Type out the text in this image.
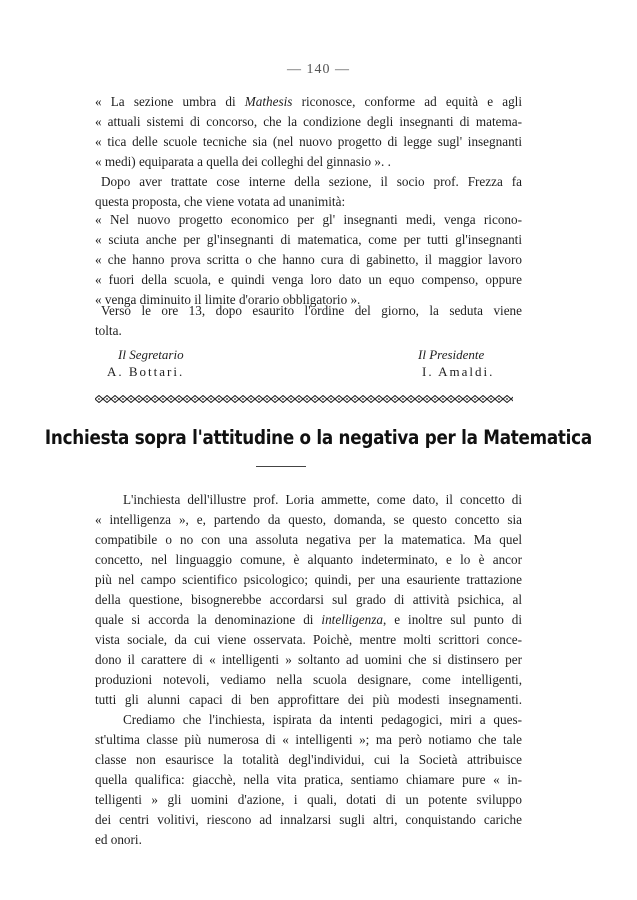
— 140 —
« La sezione umbra di Mathesis riconosce, conforme ad equità e agli
« attuali sistemi di concorso, che la condizione degli insegnanti di matema-
« tica delle scuole tecniche sia (nel nuovo progetto di legge sugl' insegnanti
« medi) equiparata a quella dei colleghi del ginnasio ». .
Dopo aver trattate cose interne della sezione, il socio prof. Frezza fa
questa proposta, che viene votata ad unanimità:
« Nel nuovo progetto economico per gl' insegnanti medi, venga ricono-
« sciuta anche per gl'insegnanti di matematica, come per tutti gl'insegnanti
« che hanno prova scritta o che hanno cura di gabinetto, il maggior lavoro
« fuori della scuola, e quindi venga loro dato un equo compenso, oppure
« venga diminuito il limite d'orario obbligatorio ».
Verso le ore 13, dopo esaurito l'ordine del giorno, la seduta viene
tolta.
Il Segretario
A. Bottari.
Il Presidente
I. Amaldi.
Inchiesta sopra l'attitudine o la negativa per la Matematica
L'inchiesta dell'illustre prof. Loria ammette, come dato, il concetto di
« intelligenza », e, partendo da questo, domanda, se questo concetto sia
compatibile o no con una assoluta negativa per la matematica. Ma quel
concetto, nel linguaggio comune, è alquanto indeterminato, e lo è ancor
più nel campo scientifico psicologico; quindi, per una esauriente trattazione
della questione, bisognerebbe accordarsi sul grado di attività psichica, al
quale si accorda la denominazione di intelligenza, e inoltre sul punto di
vista sociale, da cui viene osservata. Poichè, mentre molti scrittori conce-
dono il carattere di « intelligenti » soltanto ad uomini che si distinsero per
produzioni notevoli, vediamo nella scuola designare, come intelligenti,
tutti gli alunni capaci di ben approfittare dei più modesti insegnamenti.
Crediamo che l'inchiesta, ispirata da intenti pedagogici, miri a ques-
st'ultima classe più numerosa di « intelligenti »; ma però notiamo che tale
classe non esaurisce la totalità degl'individui, cui la Società attribuisce
quella qualifica: giacchè, nella vita pratica, sentiamo chiamare pure « in-
telligenti » gli uomini d'azione, i quali, dotati di un potente sviluppo
dei centri volitivi, riescono ad innalzarsi sugli altri, conquistando cariche
ed onori.
